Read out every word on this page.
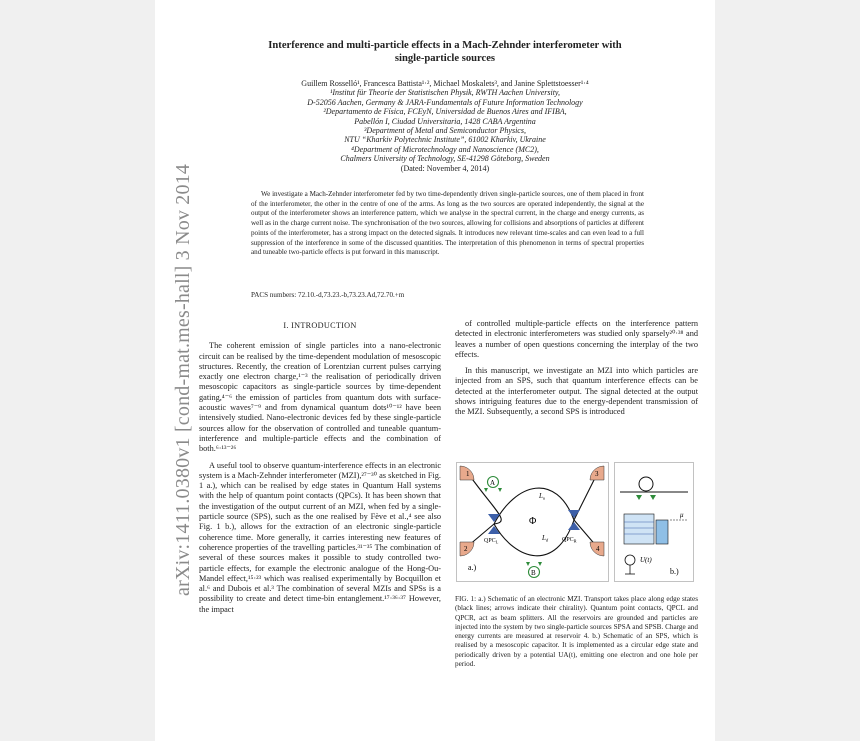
arXiv:1411.0380v1 [cond-mat.mes-hall] 3 Nov 2014
Interference and multi-particle effects in a Mach-Zehnder interferometer with
single-particle sources
Guillem Rosselló¹, Francesca Battista¹·², Michael Moskalets³, and Janine Splettstoesser¹·⁴
¹Institut für Theorie der Statistischen Physik, RWTH Aachen University,
D-52056 Aachen, Germany & JARA-Fundamentals of Future Information Technology
²Departamento de Física, FCEyN, Universidad de Buenos Aires and IFIBA,
Pabellón I, Ciudad Universitaria, 1428 CABA Argentina
³Department of Metal and Semiconductor Physics,
NTU “Kharkiv Polytechnic Institute”, 61002 Kharkiv, Ukraine
⁴Department of Microtechnology and Nanoscience (MC2),
Chalmers University of Technology, SE-41298 Göteborg, Sweden
(Dated: November 4, 2014)
We investigate a Mach-Zehnder interferometer fed by two time-dependently driven single-particle sources, one of them placed in front of the interferometer, the other in the centre of one of the arms. As long as the two sources are operated independently, the signal at the output of the interferometer shows an interference pattern, which we analyse in the spectral current, in the charge and energy currents, as well as in the charge current noise. The synchronisation of the two sources, allowing for collisions and absorptions of particles at different points of the interferometer, has a strong impact on the detected signals. It introduces new relevant time-scales and can even lead to a full suppression of the interference in some of the discussed quantities. The interpretation of this phenomenon in terms of spectral properties and tuneable two-particle effects is put forward in this manuscript.
PACS numbers: 72.10.-d,73.23.-b,73.23.Ad,72.70.+m
I. INTRODUCTION

The coherent emission of single particles into a nano-electronic circuit can be realised by the time-dependent modulation of mesoscopic structures. Recently, the creation of Lorentzian current pulses carrying exactly one electron charge,¹⁻³ the realisation of periodically driven mesoscopic capacitors as single-particle sources by time-dependent gating,⁴⁻⁶ the emission of particles from quantum dots with surface-acoustic waves⁷⁻⁹ and from dynamical quantum dots¹⁰⁻¹² have been intensively studied. Nano-electronic devices fed by these single-particle sources allow for the observation of controlled and tuneable quantum-interference and multiple-particle effects and the combination of both.⁶·¹³⁻²⁶

A useful tool to observe quantum-interference effects in an electronic system is a Mach-Zehnder interferometer (MZI),²⁷⁻³⁰ as sketched in Fig. 1 a.), which can be realised by edge states in Quantum Hall systems with the help of quantum point contacts (QPCs). It has been shown that the investigation of the output current of an MZI, when fed by a single-particle source (SPS), such as the one realised by Fève et al.,⁴ see also Fig. 1 b.), allows for the extraction of an electronic single-particle coherence time. More generally, it carries interesting new features of coherence properties of the travelling particles.³¹⁻³⁵ The combination of several of these sources makes it possible to study controlled two-particle effects, for example the electronic analogue of the Hong-Ou-Mandel effect,¹⁵·²³ which was realised experimentally by Bocquillon et al.⁶ and Dubois et al.³ The combination of several MZIs and SPSs is a possibility to create and detect time-bin entanglement.¹⁷·³⁶·³⁷ However, the impact

of controlled multiple-particle effects on the interference pattern detected in electronic interferometers was studied only sparsely²⁰·³⁸ and leaves a number of open questions concerning the interplay of the two effects.

In this manuscript, we investigate an MZI into which particles are injected from an SPS, such that quantum interference effects can be detected at the interferometer output. The signal detected at the output shows intriguing features due to the energy-dependent transmission of the MZI. Subsequently, a second SPS is introduced

1
2
3
4
$QPC_L$	$QPC_R$
A
B
Φ
$L_u$
$L_d$
a.)
μ
U(t)
b.)
FIG. 1: a.) Schematic of an electronic MZI. Transport takes place along edge states (black lines; arrows indicate their chirality). Quantum point contacts, QPCL and QPCR, act as beam splitters. All the reservoirs are grounded and particles are injected into the system by two single-particle sources SPSA and SPSB. Charge and energy currents are measured at reservoir 4. b.) Schematic of an SPS, which is realised by a mesoscopic capacitor. It is implemented as a circular edge state and periodically driven by a potential UA(t), emitting one electron and one hole per period.
